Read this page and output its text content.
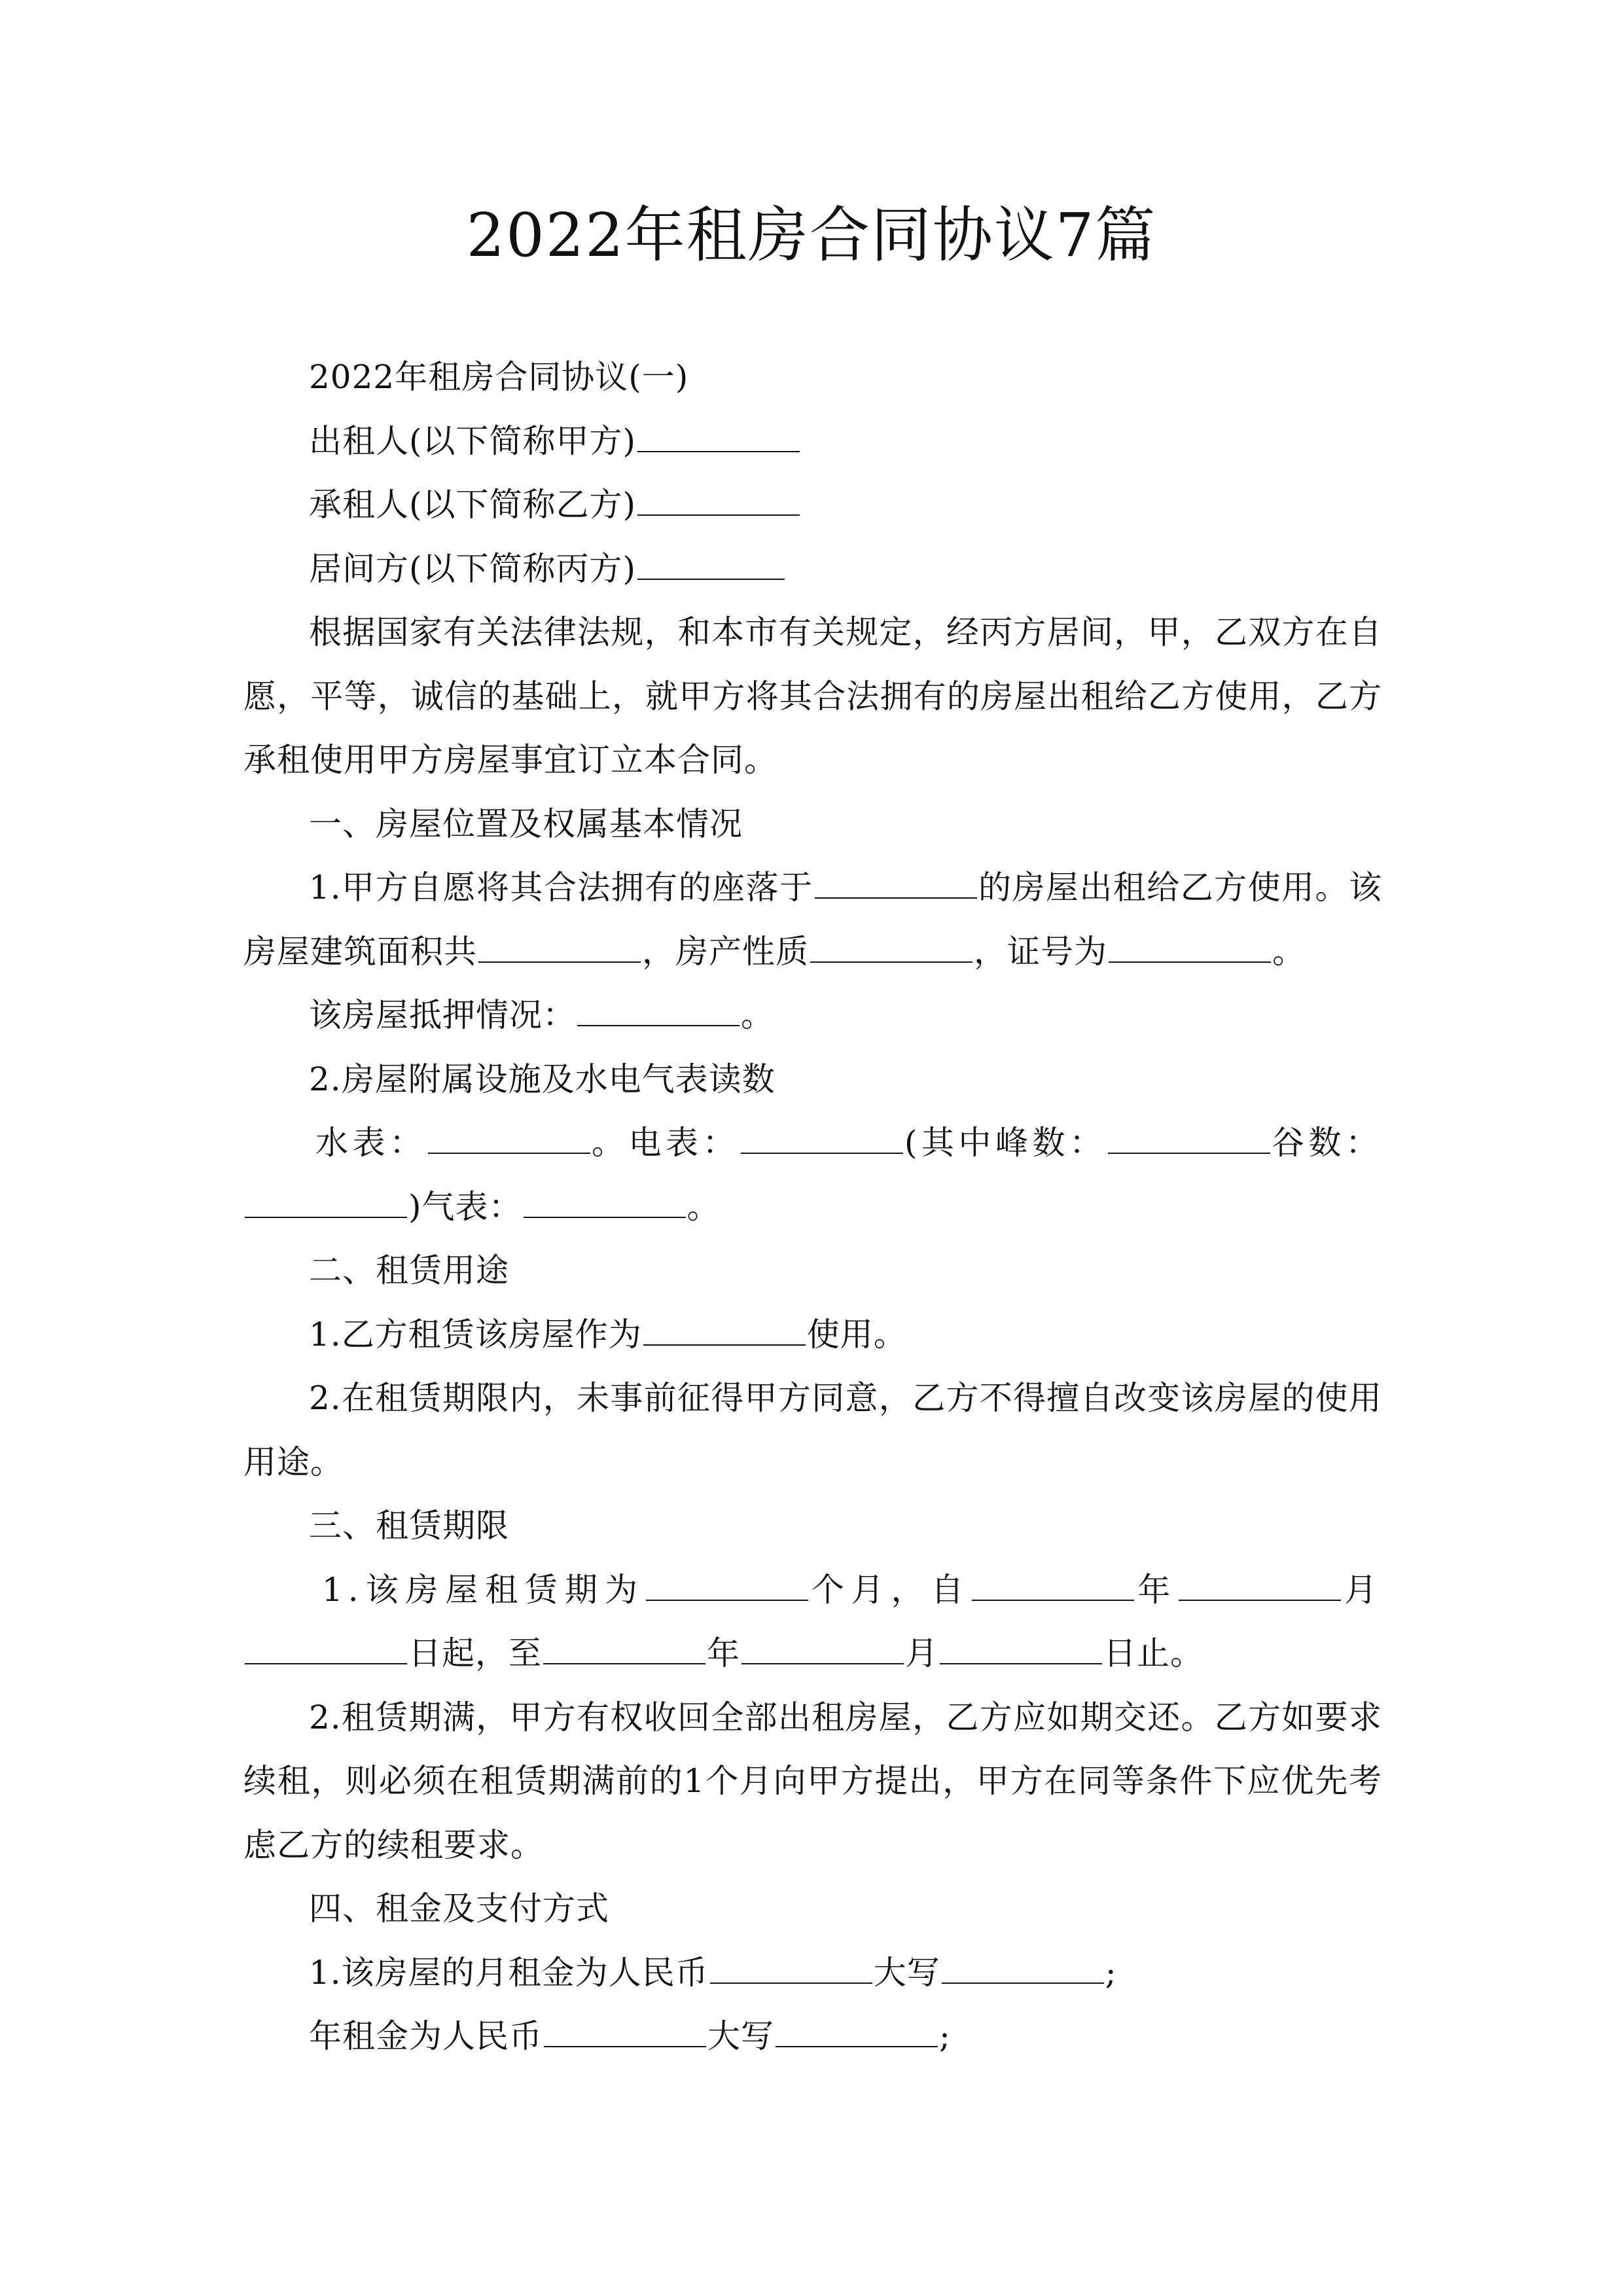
2022年租房合同协议7篇

2022年租房合同协议(一)

出租人(以下简称甲方)

承租人(以下简称乙方)

居间方(以下简称丙方)

根据国家有关法律法规，和本市有关规定，经丙方居间，甲，乙双方在自愿，平等，诚信的基础上，就甲方将其合法拥有的房屋出租给乙方使用，乙方承租使用甲方房屋事宜订立本合同。

一、房屋位置及权属基本情况

1.甲方自愿将其合法拥有的座落于	的房屋出租给乙方使用。该房屋建筑面积共	，房产性质	，证号为	。

该房屋抵押情况：	。

2.房屋附属设施及水电气表读数

水表：	。电表：	(其中峰数：	谷数：)气表：	。

二、租赁用途

1.乙方租赁该房屋作为	使用。

2.在租赁期限内，未事前征得甲方同意，乙方不得擅自改变该房屋的使用用途。

三、租赁期限

1.该房屋租赁期为	个月，自	年	月日起，至	年	月	日止。

2.租赁期满，甲方有权收回全部出租房屋，乙方应如期交还。乙方如要求续租，则必须在租赁期满前的1个月向甲方提出，甲方在同等条件下应优先考虑乙方的续租要求。

四、租金及支付方式

1.该房屋的月租金为人民币	大写	;

年租金为人民币	大写	;
